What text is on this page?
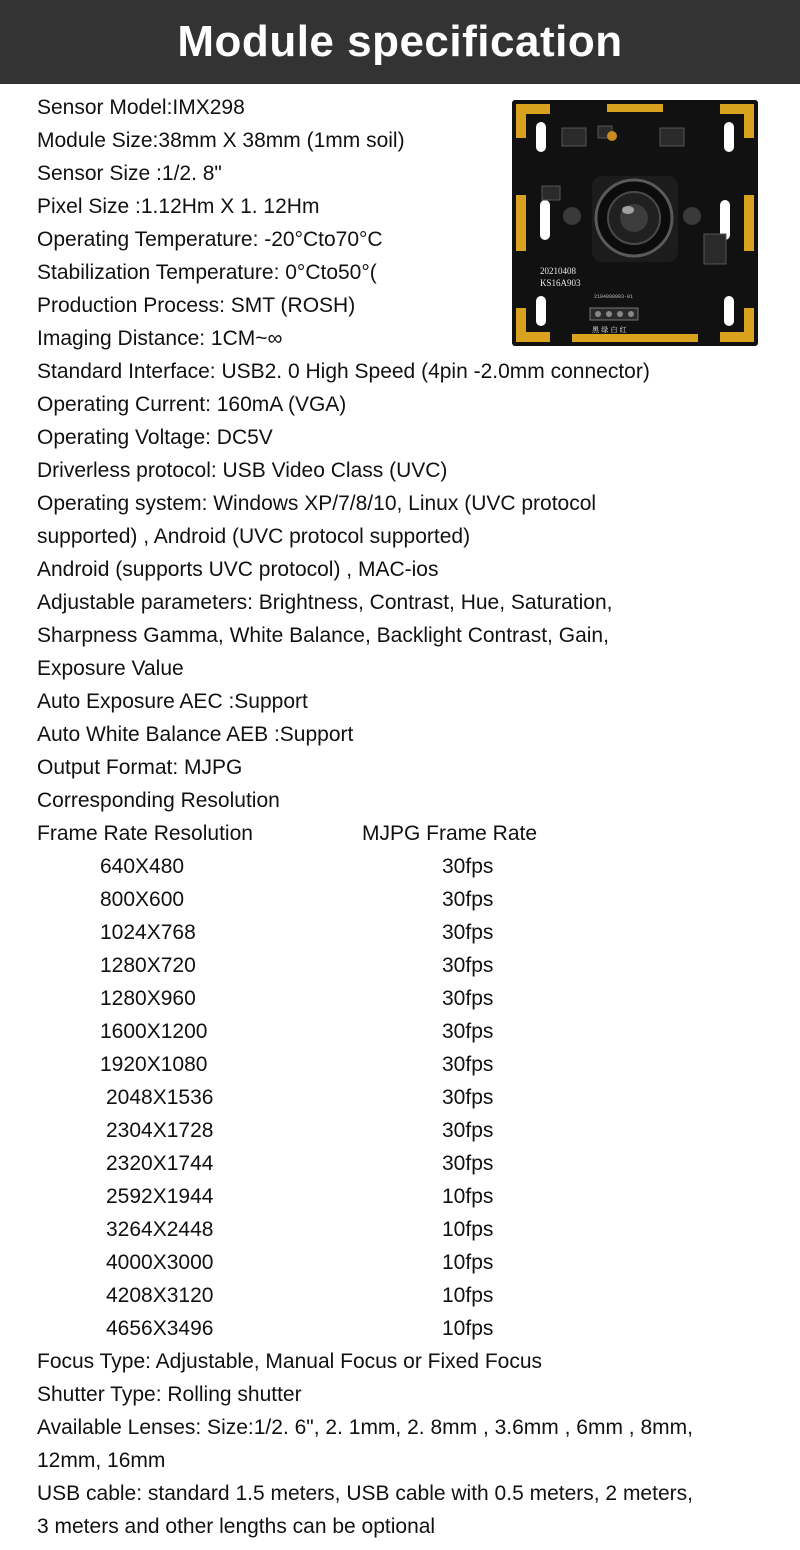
Module specification
Sensor Model:IMX298
Module Size:38mm X 38mm (1mm soil)
Sensor Size :1/2. 8"
Pixel Size :1.12Hm X 1. 12Hm
Operating Temperature: -20°Cto70°C
Stabilization Temperature: 0°Cto50°(
Production Process: SMT (ROSH)
Imaging Distance: 1CM~∞
Standard Interface: USB2. 0 High Speed (4pin -2.0mm connector)
Operating Current: 160mA (VGA)
Operating Voltage: DC5V
Driverless protocol: USB Video Class (UVC)
Operating system: Windows XP/7/8/10, Linux (UVC protocol
supported) , Android (UVC protocol supported)
Android (supports UVC protocol) , MAC-ios
Adjustable parameters: Brightness, Contrast, Hue, Saturation,
Sharpness Gamma, White Balance, Backlight Contrast, Gain,
Exposure Value
Auto Exposure AEC :Support
Auto White Balance AEB :Support
Output Format: MJPG
Corresponding Resolution
Frame Rate Resolution	MJPG Frame Rate
640X480	30fps
800X600	30fps
1024X768	30fps
1280X720	30fps
1280X960	30fps
1600X1200	30fps
1920X1080	30fps
2048X1536	30fps
2304X1728	30fps
2320X1744	30fps
2592X1944	10fps
3264X2448	10fps
4000X3000	10fps
4208X3120	10fps
4656X3496	10fps
Focus Type: Adjustable, Manual Focus or Fixed Focus
Shutter Type: Rolling shutter
Available Lenses: Size:1/2. 6", 2. 1mm, 2. 8mm , 3.6mm , 6mm , 8mm,
12mm, 16mm
USB cable: standard 1.5 meters, USB cable with 0.5 meters, 2 meters,
3 meters and other lengths can be optional
20210408
KS16A903
2184898003-01
黑 绿 白 红
